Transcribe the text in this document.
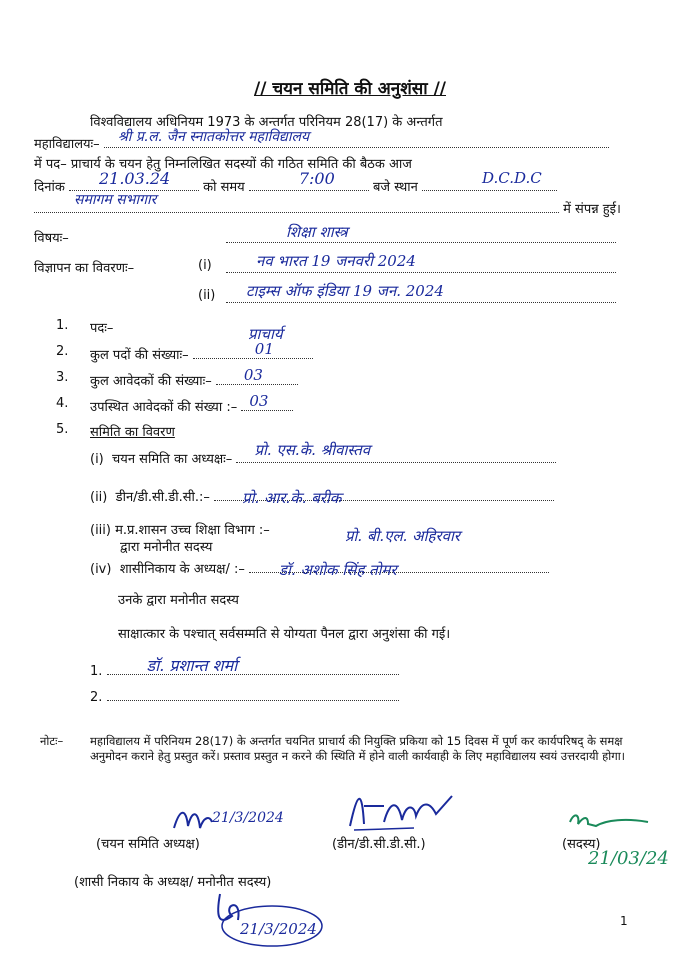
// चयन समिति की अनुशंसा //
विश्वविद्यालय अधिनियम 1973 के अन्तर्गत परिनियम 28(17) के अन्तर्गत
महाविद्यालयः– श्री प्र.ल. जैन स्नातकोत्तर महाविद्यालय
में पद– प्राचार्य के चयन हेतु निम्नलिखित सदस्यों की गठित समिति की बैठक आज
दिनांक 21.03.24	को समय	7:00	बजे स्थान
D.C.D.C
समागम सभागार
में संपन्न हुई।
विषयः–	शिक्षा शास्त्र
विज्ञापन का विवरणः–	(i)	नव भारत 19 जनवरी 2024
(ii) टाइम्स ऑफ इंडिया 19 जन. 2024
1. पदः–	प्राचार्य
2. कुल पदों की संख्याः–	01
3. कुल आवेदकों की संख्याः– 03
4. उपस्थित आवेदकों की संख्या :– 03
5. समिति का विवरण
(i) चयन समिति का अध्यक्षः–
प्रो. एस.के. श्रीवास्तव
(ii) डीन/डी.सी.डी.सी.:– प्रो. आर.के. बरीक
(iii) म.प्र.शासन उच्च शिक्षा विभाग :–
द्वारा मनोनीत सदस्य
प्रो. बी.एल. अहिरवार
(iv) शासीनिकाय के अध्यक्ष/ :– डॉ. अशोक सिंह तोमर
उनके द्वारा मनोनीत सदस्य
साक्षात्कार के पश्चात् सर्वसम्मति से योग्यता पैनल द्वारा अनुशंसा की गई।
1.	डॉ. प्रशान्त शर्मा
2.
नोटः– महाविद्यालय में परिनियम 28(17) के अन्तर्गत चयनित प्राचार्य की नियुक्ति प्रकिया को 15 दिवस में पूर्ण कर कार्यपरिषद् के समक्ष अनुमोदन कराने हेतु प्रस्तुत करें। प्रस्ताव प्रस्तुत न करने की स्थिति में होने वाली कार्यवाही के लिए महाविद्यालय स्वयं उत्तरदायी होगा।
21/3/2024
(चयन समिति अध्यक्ष)	(डीन/डी.सी.डी.सी.)	(सदस्य)
21/03/24
(शासी निकाय के अध्यक्ष/ मनोनीत सदस्य)
21/3/2024	1
